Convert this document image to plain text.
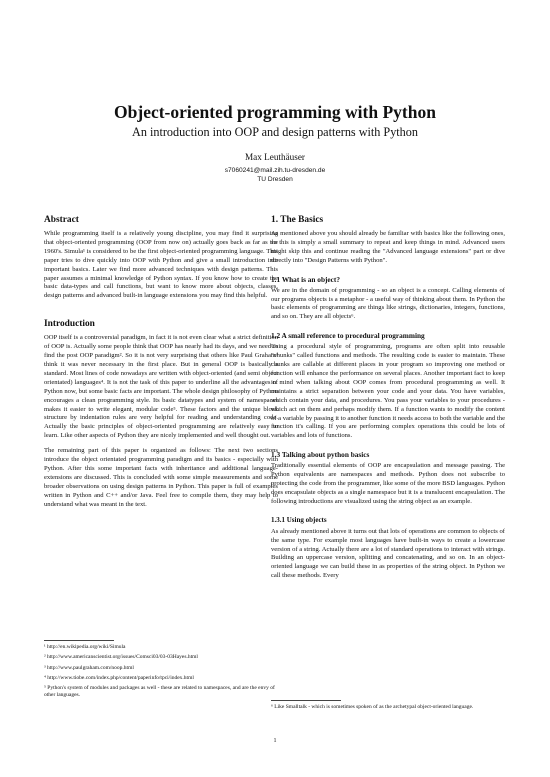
Object-oriented programming with Python

An introduction into OOP and design patterns with Python

Max Leuthäuser

s7060241@mail.zih.tu-dresden.de

TU Dresden

Abstract

While programming itself is a relatively young discipline, you may find it surprising that object-oriented programming (OOP from now on) actually goes back as far as the 1960's. Simula¹ is considered to be the first object-oriented programming language. This paper tries to dive quickly into OOP with Python and give a small introduction into important basics. Later we find more advanced techniques with design patterns. This paper assumes a minimal knowledge of Python syntax. If you know how to create the basic data-types and call functions, but want to know more about objects, classes, design patterns and advanced built-in language extensions you may find this helpful.

Introduction

OOP itself is a controversial paradigm, in fact it is not even clear what a strict definition of OOP is. Actually some people think that OOP has nearly had its days, and we need to find the post OOP paradigm². So it is not very surprising that others like Paul Graham³ think it was never necessary in the first place. But in general OOP is basically a standard. Most lines of code nowadays are written with object-oriented (and semi object orientated) languages⁴. It is not the task of this paper to underline all the advantages of Python now, but some basic facts are important. The whole design philosophy of Python encourages a clean programming style. Its basic datatypes and system of namespaces makes it easier to write elegant, modular code⁵. These factors and the unique block structure by indentation rules are very helpful for reading and understanding code. Actually the basic principles of object-oriented programming are relatively easy to learn. Like other aspects of Python they are nicely implemented and well thought out.

The remaining part of this paper is organized as follows: The next two sections introduce the object orientated programming paradigm and its basics - especially with Python. After this some important facts with inheritance and additional language-extensions are discussed. This is concluded with some simple measurements and some broader observations on using design patterns in Python. This paper is full of examples written in Python and C++ and/or Java. Feel free to compile them, they may help to understand what was meant in the text.

1. The Basics

As mentioned above you should already be familiar with basics like the following ones, so this is simply a small summary to repeat and keep things in mind. Advanced users might skip this and continue reading the "Advanced language extensions" part or dive directly into "Design Patterns with Python".

1.1 What is an object?

We are in the domain of programming - so an object is a concept. Calling elements of our programs objects is a metaphor - a useful way of thinking about them. In Python the basic elements of programming are things like strings, dictionaries, integers, functions, and so on. They are all objects⁶.

1.2 A small reference to procedural programming

Using a procedural style of programming, programs are often split into reusable "chunks" called functions and methods. The resulting code is easier to maintain. These chunks are callable at different places in your program so improving one method or function will enhance the performance on several places. Another important fact to keep in mind when talking about OOP comes from procedural programming as well. It maintains a strict separation between your code and your data. You have variables, which contain your data, and procedures. You pass your variables to your procedures - which act on them and perhaps modify them. If a function wants to modify the content of a variable by passing it to another function it needs access to both the variable and the function it's calling. If you are performing complex operations this could be lots of variables and lots of functions.

1.3 Talking about python basics

Traditionally essential elements of OOP are encapsulation and message passing. The Python equivalents are namespaces and methods. Python does not subscribe to protecting the code from the programmer, like some of the more BSD languages. Python does encapsulate objects as a single namespace but it is a translucent encapsulation. The following introductions are visualized using the string object as an example.

1.3.1 Using objects

As already mentioned above it turns out that lots of operations are common to objects of the same type. For example most languages have built-in ways to create a lowercase version of a string. Actually there are a lot of standard operations to interact with strings. Building an uppercase version, splitting and concatenating, and so on. In an object-oriented language we can build these in as properties of the string object. In Python we call these methods. Every

¹ http://en.wikipedia.org/wiki/Simula

² http://www.americanscientist.org/issues/Comsci03/03-03Hayes.html

³ http://www.paulgraham.com/noop.html

⁴ http://www.tiobe.com/index.php/content/paperinfo/tpci/index.html

⁵ Python's system of modules and packages as well - these are related to namespaces, and are the envy of other languages.

⁶ Like Smalltalk - which is sometimes spoken of as the archetypal object-oriented language.

1
